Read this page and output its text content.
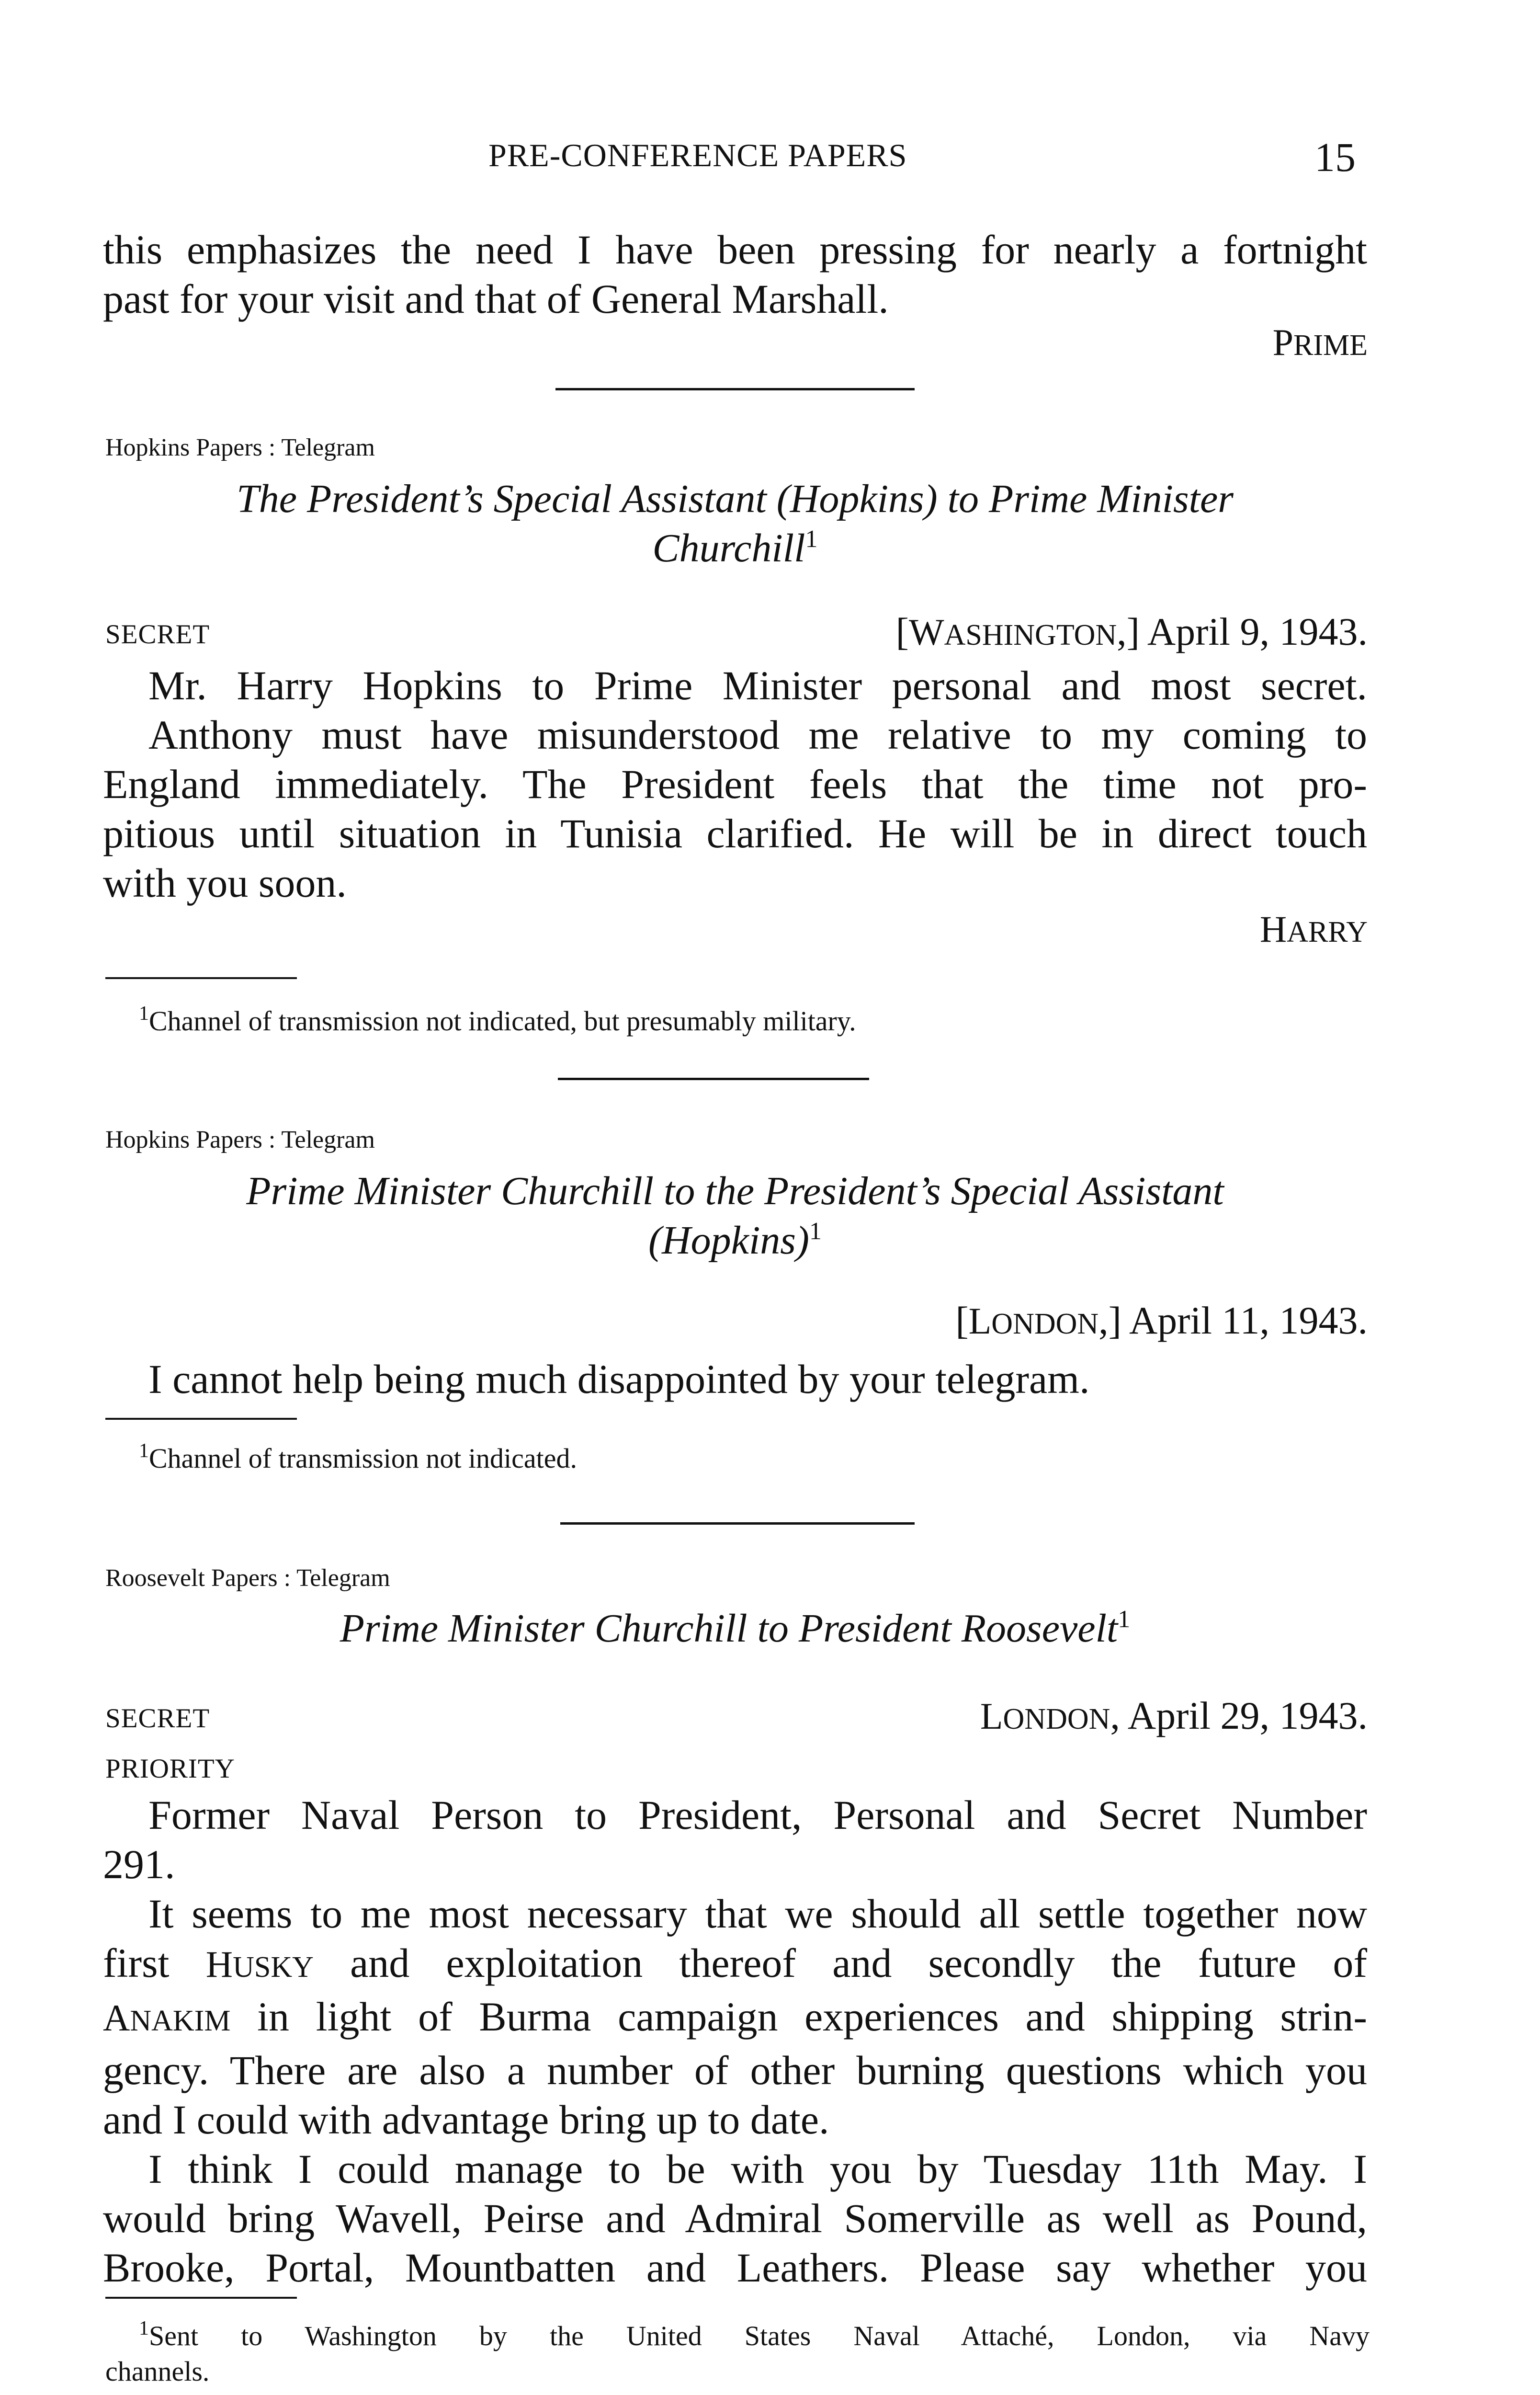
PRE-CONFERENCE PAPERS	15
this emphasizes the need I have been pressing for nearly a fortnight
past for your visit and that of General Marshall.
PRIME
Hopkins Papers : Telegram
The President’s Special Assistant (Hopkins) to Prime Minister
Churchill$^1$
SECRET	[WASHINGTON,] April 9, 1943.
Mr. Harry Hopkins to Prime Minister personal and most secret.
Anthony must have misunderstood me relative to my coming to
England immediately. The President feels that the time not pro-
pitious until situation in Tunisia clarified. He will be in direct touch
with you soon.
HARRY
$^1$Channel of transmission not indicated, but presumably military.
Hopkins Papers : Telegram
Prime Minister Churchill to the President’s Special Assistant
(Hopkins)$^1$
[LONDON,] April 11, 1943.
I cannot help being much disappointed by your telegram.
$^1$Channel of transmission not indicated.
Roosevelt Papers : Telegram
Prime Minister Churchill to President Roosevelt$^1$
SECRET
PRIORITY
LONDON, April 29, 1943.
Former Naval Person to President, Personal and Secret Number
291.
It seems to me most necessary that we should all settle together now
first HUSKY and exploitation thereof and secondly the future of
ANAKIM in light of Burma campaign experiences and shipping strin-
gency. There are also a number of other burning questions which you
and I could with advantage bring up to date.
I think I could manage to be with you by Tuesday 11th May. I
would bring Wavell, Peirse and Admiral Somerville as well as Pound,
Brooke, Portal, Mountbatten and Leathers. Please say whether you
$^1$Sent to Washington by the United States Naval Attaché, London, via Navy
channels.
